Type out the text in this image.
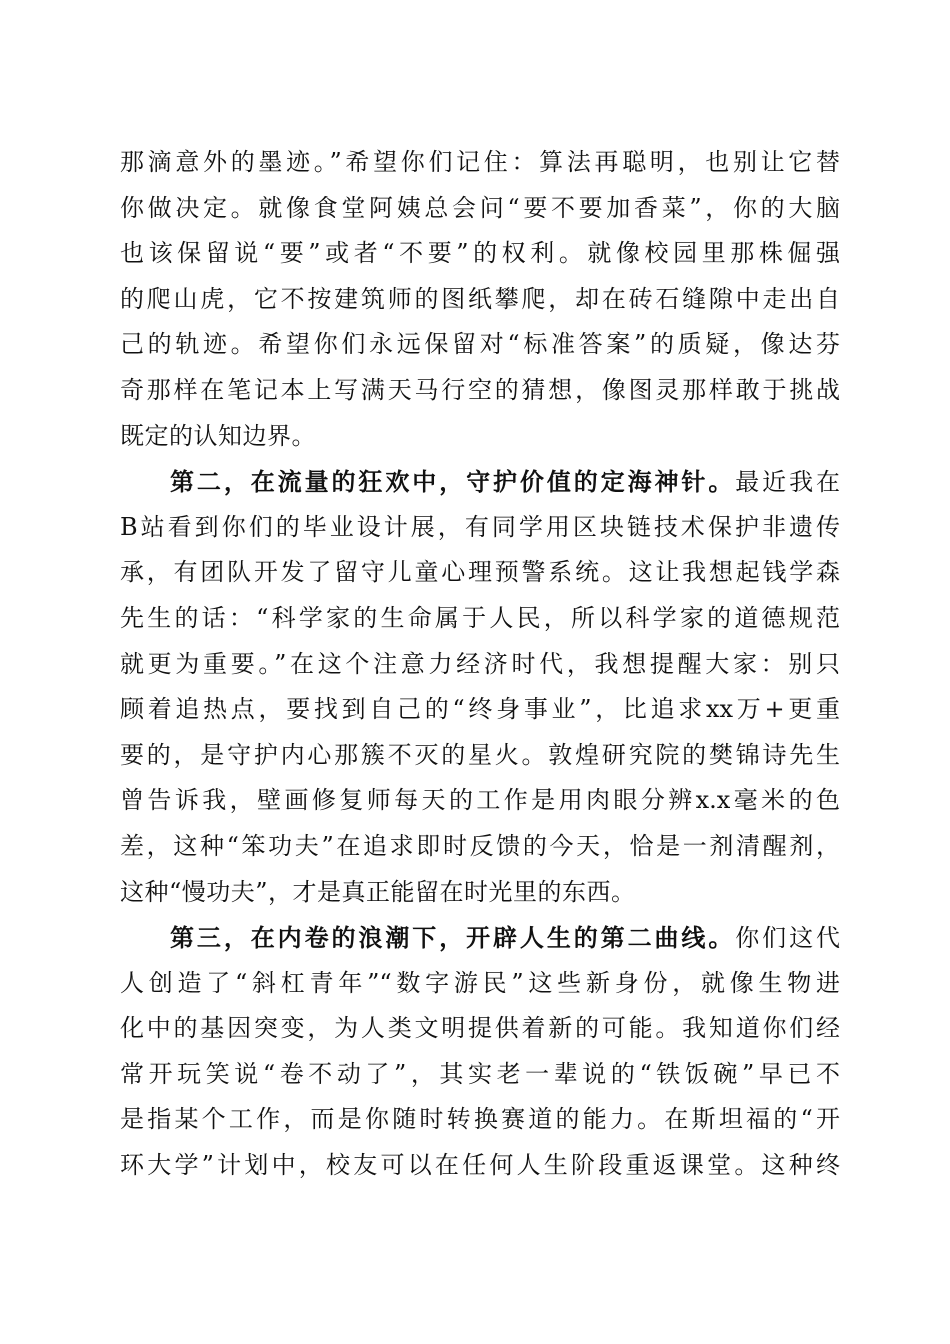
那滴意外的墨迹。”希望你们记住：算法再聪明，也别让它替
你做决定。就像食堂阿姨总会问“要不要加香菜”，你的大脑
也该保留说“要”或者“不要”的权利。就像校园里那株倔强
的爬山虎，它不按建筑师的图纸攀爬，却在砖石缝隙中走出自
己的轨迹。希望你们永远保留对“标准答案”的质疑，像达芬
奇那样在笔记本上写满天马行空的猜想，像图灵那样敢于挑战
既定的认知边界。
第二，在流量的狂欢中，守护价值的定海神针。最近我在
B站看到你们的毕业设计展，有同学用区块链技术保护非遗传
承，有团队开发了留守儿童心理预警系统。这让我想起钱学森
先生的话：“科学家的生命属于人民，所以科学家的道德规范
就更为重要。”在这个注意力经济时代，我想提醒大家：别只
顾着追热点，要找到自己的“终身事业”，比追求xx万+更重
要的，是守护内心那簇不灭的星火。敦煌研究院的樊锦诗先生
曾告诉我，壁画修复师每天的工作是用肉眼分辨x.x毫米的色
差，这种“笨功夫”在追求即时反馈的今天，恰是一剂清醒剂，
这种“慢功夫”，才是真正能留在时光里的东西。
第三，在内卷的浪潮下，开辟人生的第二曲线。你们这代
人创造了“斜杠青年”“数字游民”这些新身份，就像生物进
化中的基因突变，为人类文明提供着新的可能。我知道你们经
常开玩笑说“卷不动了”，其实老一辈说的“铁饭碗”早已不
是指某个工作，而是你随时转换赛道的能力。在斯坦福的“开
环大学”计划中，校友可以在任何人生阶段重返课堂。这种终
